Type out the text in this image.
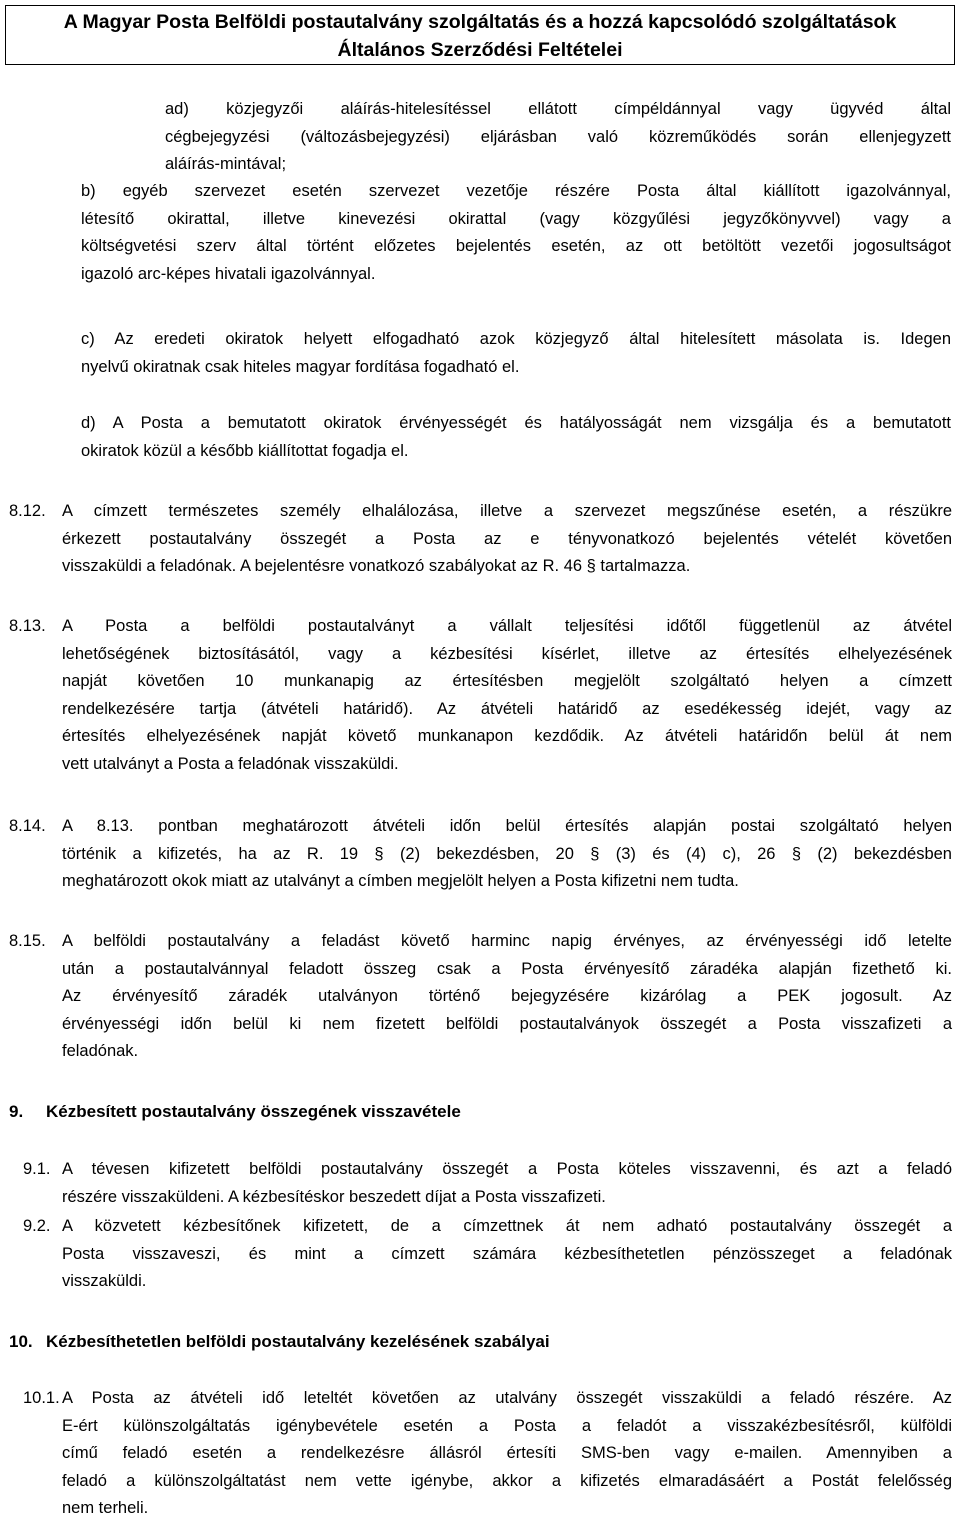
A Magyar Posta Belföldi postautalvány szolgáltatás és a hozzá kapcsolódó szolgáltatások
Általános Szerződési Feltételei
ad) közjegyzői aláírás-hitelesítéssel ellátott címpéldánnyal vagy ügyvéd által
cégbejegyzési (változásbejegyzési) eljárásban való közreműködés során ellenjegyzett
aláírás-mintával;
b) egyéb szervezet esetén szervezet vezetője részére Posta által kiállított igazolvánnyal,
létesítő okirattal, illetve kinevezési okirattal (vagy közgyűlési jegyzőkönyvvel) vagy a
költségvetési szerv által történt előzetes bejelentés esetén, az ott betöltött vezetői jogosultságot
igazoló arc-képes hivatali igazolvánnyal.
c) Az eredeti okiratok helyett elfogadható azok közjegyző által hitelesített másolata is. Idegen
nyelvű okiratnak csak hiteles magyar fordítása fogadható el.
d) A Posta a bemutatott okiratok érvényességét és hatályosságát nem vizsgálja és a bemutatott
okiratok közül a később kiállítottat fogadja el.
8.12. A címzett természetes személy elhalálozása, illetve a szervezet megszűnése esetén, a részükre
érkezett postautalvány összegét a Posta az e tényvonatkozó bejelentés vételét követően
visszaküldi a feladónak. A bejelentésre vonatkozó szabályokat az R. 46 § tartalmazza.
8.13. A Posta a belföldi postautalványt a vállalt teljesítési időtől függetlenül az átvétel
lehetőségének biztosításától, vagy a kézbesítési kísérlet, illetve az értesítés elhelyezésének
napját követően 10 munkanapig az értesítésben megjelölt szolgáltató helyen a címzett
rendelkezésére tartja (átvételi határidő). Az átvételi határidő az esedékesség idejét, vagy az
értesítés elhelyezésének napját követő munkanapon kezdődik. Az átvételi határidőn belül át nem
vett utalványt a Posta a feladónak visszaküldi.
8.14. A 8.13. pontban meghatározott átvételi időn belül értesítés alapján postai szolgáltató helyen
történik a kifizetés, ha az R. 19 § (2) bekezdésben, 20 § (3) és (4) c), 26 § (2) bekezdésben
meghatározott okok miatt az utalványt a címben megjelölt helyen a Posta kifizetni nem tudta.
8.15. A belföldi postautalvány a feladást követő harminc napig érvényes, az érvényességi idő letelte
után a postautalvánnyal feladott összeg csak a Posta érvényesítő záradéka alapján fizethető ki.
Az érvényesítő záradék utalványon történő bejegyzésére kizárólag a PEK jogosult. Az
érvényességi időn belül ki nem fizetett belföldi postautalványok összegét a Posta visszafizeti a
feladónak.
9. Kézbesített postautalvány összegének visszavétele
9.1. A tévesen kifizetett belföldi postautalvány összegét a Posta köteles visszavenni, és azt a feladó
részére visszaküldeni. A kézbesítéskor beszedett díjat a Posta visszafizeti.
9.2. A közvetett kézbesítőnek kifizetett, de a címzettnek át nem adható postautalvány összegét a
Posta visszaveszi, és mint a címzett számára kézbesíthetetlen pénzösszeget a feladónak
visszaküldi.
10. Kézbesíthetetlen belföldi postautalvány kezelésének szabályai
10.1. A Posta az átvételi idő leteltét követően az utalvány összegét visszaküldi a feladó részére. Az
E-ért különszolgáltatás igénybevétele esetén a Posta a feladót a visszakézbesítésről, külföldi
című feladó esetén a rendelkezésre állásról értesíti SMS-ben vagy e-mailen. Amennyiben a
feladó a különszolgáltatást nem vette igénybe, akkor a kifizetés elmaradásáért a Postát felelősség
nem terheli.
